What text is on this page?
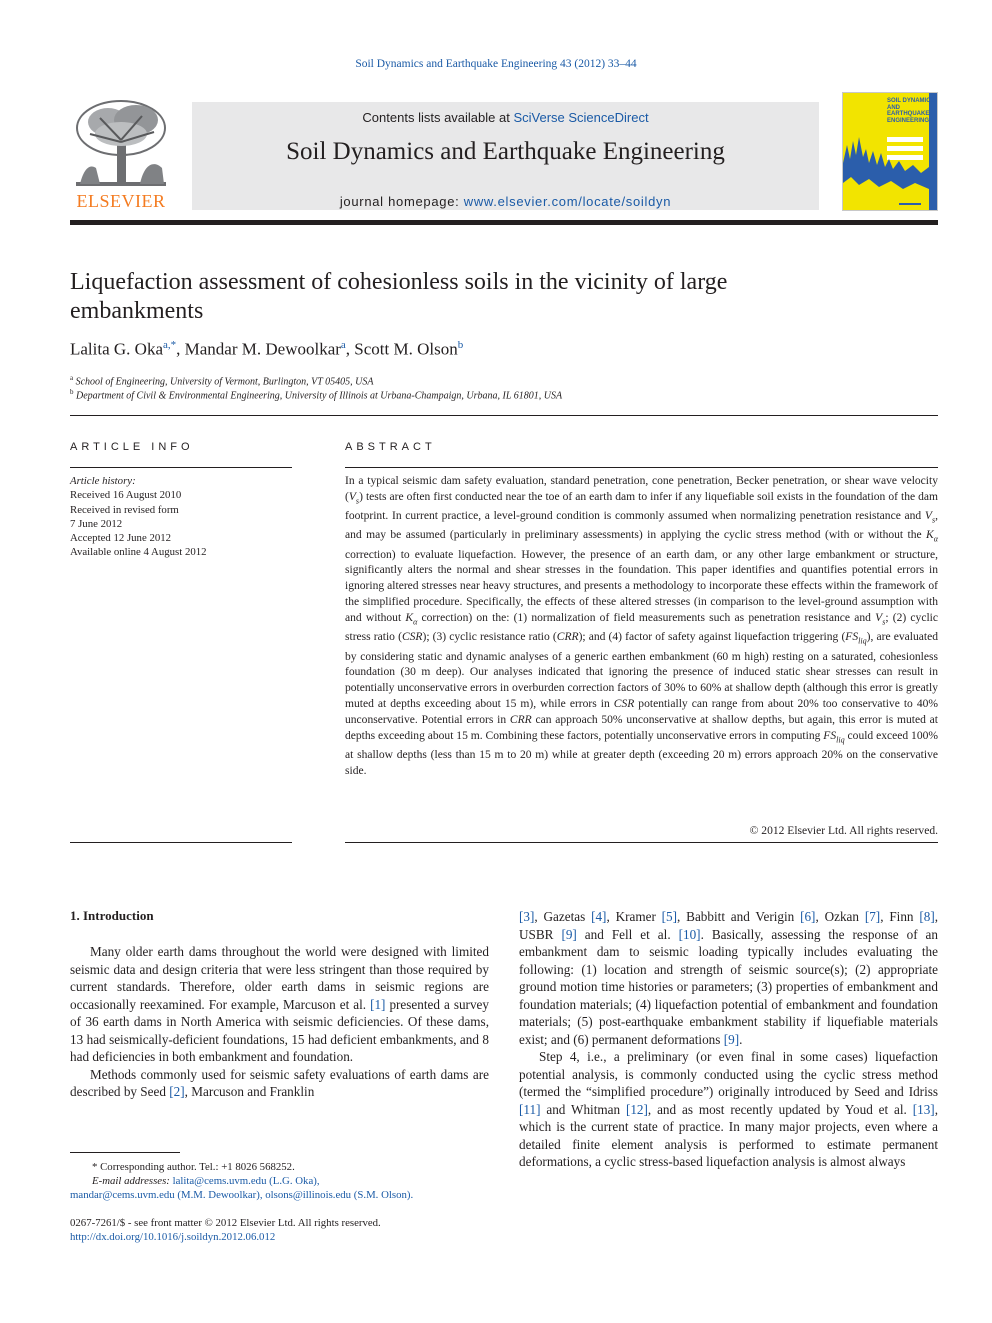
Soil Dynamics and Earthquake Engineering 43 (2012) 33–44
ELSEVIER
Contents lists available at SciVerse ScienceDirect
Soil Dynamics and Earthquake Engineering
journal homepage: www.elsevier.com/locate/soildyn
SOIL DYNAMICS AND EARTHQUAKE ENGINEERING
Liquefaction assessment of cohesionless soils in the vicinity of large embankments
Lalita G. Oka$^{a,*}$, Mandar M. Dewoolkar$^a$, Scott M. Olson$^b$
$^a$ School of Engineering, University of Vermont, Burlington, VT 05405, USA
$^b$ Department of Civil & Environmental Engineering, University of Illinois at Urbana-Champaign, Urbana, IL 61801, USA
ARTICLE INFO
Article history:
Received 16 August 2010
Received in revised form
7 June 2012
Accepted 12 June 2012
Available online 4 August 2012
ABSTRACT
In a typical seismic dam safety evaluation, standard penetration, cone penetration, Becker penetration, or shear wave velocity $(V_s)$ tests are often first conducted near the toe of an earth dam to infer if any liquefiable soil exists in the foundation of the dam footprint. In current practice, a level-ground condition is commonly assumed when normalizing penetration resistance and $V_s$, and may be assumed (particularly in preliminary assessments) in applying the cyclic stress method (with or without the $K_\alpha$ correction) to evaluate liquefaction. However, the presence of an earth dam, or any other large embankment or structure, significantly alters the normal and shear stresses in the foundation. This paper identifies and quantifies potential errors in ignoring altered stresses near heavy structures, and presents a methodology to incorporate these effects within the framework of the simplified procedure. Specifically, the effects of these altered stresses (in comparison to the level-ground assumption with and without $K_\alpha$ correction) on the: (1) normalization of field measurements such as penetration resistance and $V_s$; (2) cyclic stress ratio (CSR); (3) cyclic resistance ratio (CRR); and (4) factor of safety against liquefaction triggering $(FS_{liq})$, are evaluated by considering static and dynamic analyses of a generic earthen embankment (60 m high) resting on a saturated, cohesionless foundation (30 m deep). Our analyses indicated that ignoring the presence of induced static shear stresses can result in potentially unconservative errors in overburden correction factors of 30% to 60% at shallow depth (although this error is greatly muted at depths exceeding about 15 m), while errors in CSR potentially can range from about 20% too conservative to 40% unconservative. Potential errors in CRR can approach 50% unconservative at shallow depths, but again, this error is muted at depths exceeding about 15 m. Combining these factors, potentially unconservative errors in computing $FS_{liq}$ could exceed 100% at shallow depths (less than 15 m to 20 m) while at greater depth (exceeding 20 m) errors approach 20% on the conservative side.
© 2012 Elsevier Ltd. All rights reserved.
1. Introduction

Many older earth dams throughout the world were designed with limited seismic data and design criteria that were less stringent than those required by current standards. Therefore, older earth dams in seismic regions are occasionally reexamined. For example, Marcuson et al. [1] presented a survey of 36 earth dams in North America with seismic deficiencies. Of these dams, 13 had seismically-deficient foundations, 15 had deficient embankments, and 8 had deficiencies in both embankment and foundation.

Methods commonly used for seismic safety evaluations of earth dams are described by Seed [2], Marcuson and Franklin

[3], Gazetas [4], Kramer [5], Babbitt and Verigin [6], Ozkan [7], Finn [8], USBR [9] and Fell et al. [10]. Basically, assessing the response of an embankment dam to seismic loading typically includes evaluating the following: (1) location and strength of seismic source(s); (2) appropriate ground motion time histories or parameters; (3) properties of embankment and foundation materials; (4) liquefaction potential of embankment and foundation materials; (5) post-earthquake embankment stability if liquefiable materials exist; and (6) permanent deformations [9].

Step 4, i.e., a preliminary (or even final in some cases) liquefaction potential analysis, is commonly conducted using the cyclic stress method (termed the “simplified procedure”) originally introduced by Seed and Idriss [11] and Whitman [12], and as most recently updated by Youd et al. [13], which is the current state of practice. In many major projects, even where a detailed finite element analysis is performed to estimate permanent deformations, a cyclic stress-based liquefaction analysis is almost always

* Corresponding author. Tel.: +1 8026 568252.
E-mail addresses: lalita@cems.uvm.edu (L.G. Oka),
mandar@cems.uvm.edu (M.M. Dewoolkar), olsons@illinois.edu (S.M. Olson).
0267-7261/$ - see front matter © 2012 Elsevier Ltd. All rights reserved.
http://dx.doi.org/10.1016/j.soildyn.2012.06.012
